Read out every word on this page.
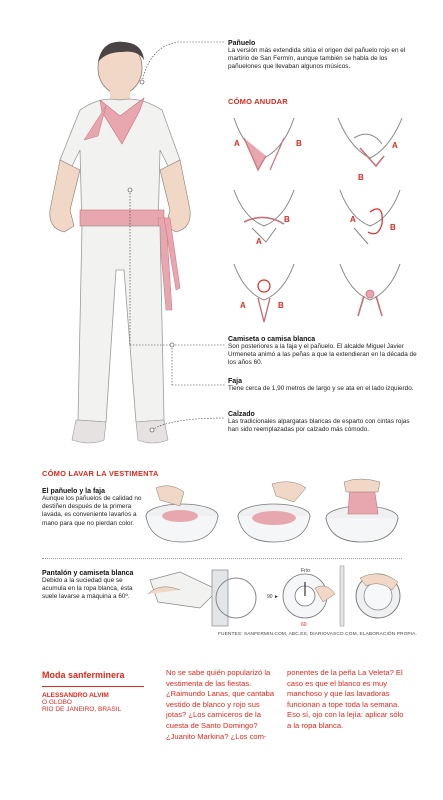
Pañuelo
La versión más extendida sitúa el origen del pañuelo rojo en el martirio de San Fermín, aunque también se habla de los pañuelones que llevaban algunos músicos.
CÓMO ANUDAR
A	B
B
A
B
A
A
B
A	B
Camiseta o camisa blanca
Son posteriores a la faja y el pañuelo. El alcalde Miguel Javier Urmeneta animó a las peñas a que la extendieran en la década de los años 60.
Faja
Tiene cerca de 1,90 metros de largo y se ata en el lado izquierdo.
Calzado
Las tradicionales alpargatas blancas de esparto con cintas rojas han sido reemplazadas por calzado más cómodo.
CÓMO LAVAR LA VESTIMENTA
El pañuelo y la faja
Aunque los pañuelos de calidad no destiñen después de la primera lavada, es conveniente lavarlos a mano para que no pierdan color.
Pantalón y camiseta blanca
Debido a la suciedad que se acumula en la ropa blanca, ésta suele lavarse a máquina a 60º.
Frío
90 ►
60
FUENTES: SANFERMIN.COM, ABC.ES, DIARIOVASCO.COM, ELABORACIÓN PROPIA.
Moda sanferminera
ALESSANDRO ALVIM
O GLOBO
RIO DE JANEIRO, BRASIL
No se sabe quién popularizó la vestimenta de las fiestas. ¿Raimundo Lanas, que cantaba vestido de blanco y rojo sus jotas? ¿Los carniceros de la cuesta de Santo Domingo? ¿Juanito Markina? ¿Los com-
ponentes de la peña La Veleta? El caso es que el blanco es muy manchoso y que las lavadoras funcionan a tope toda la semana. Eso sí, ojo con la lejía: aplicar sólo a la ropa blanca.
